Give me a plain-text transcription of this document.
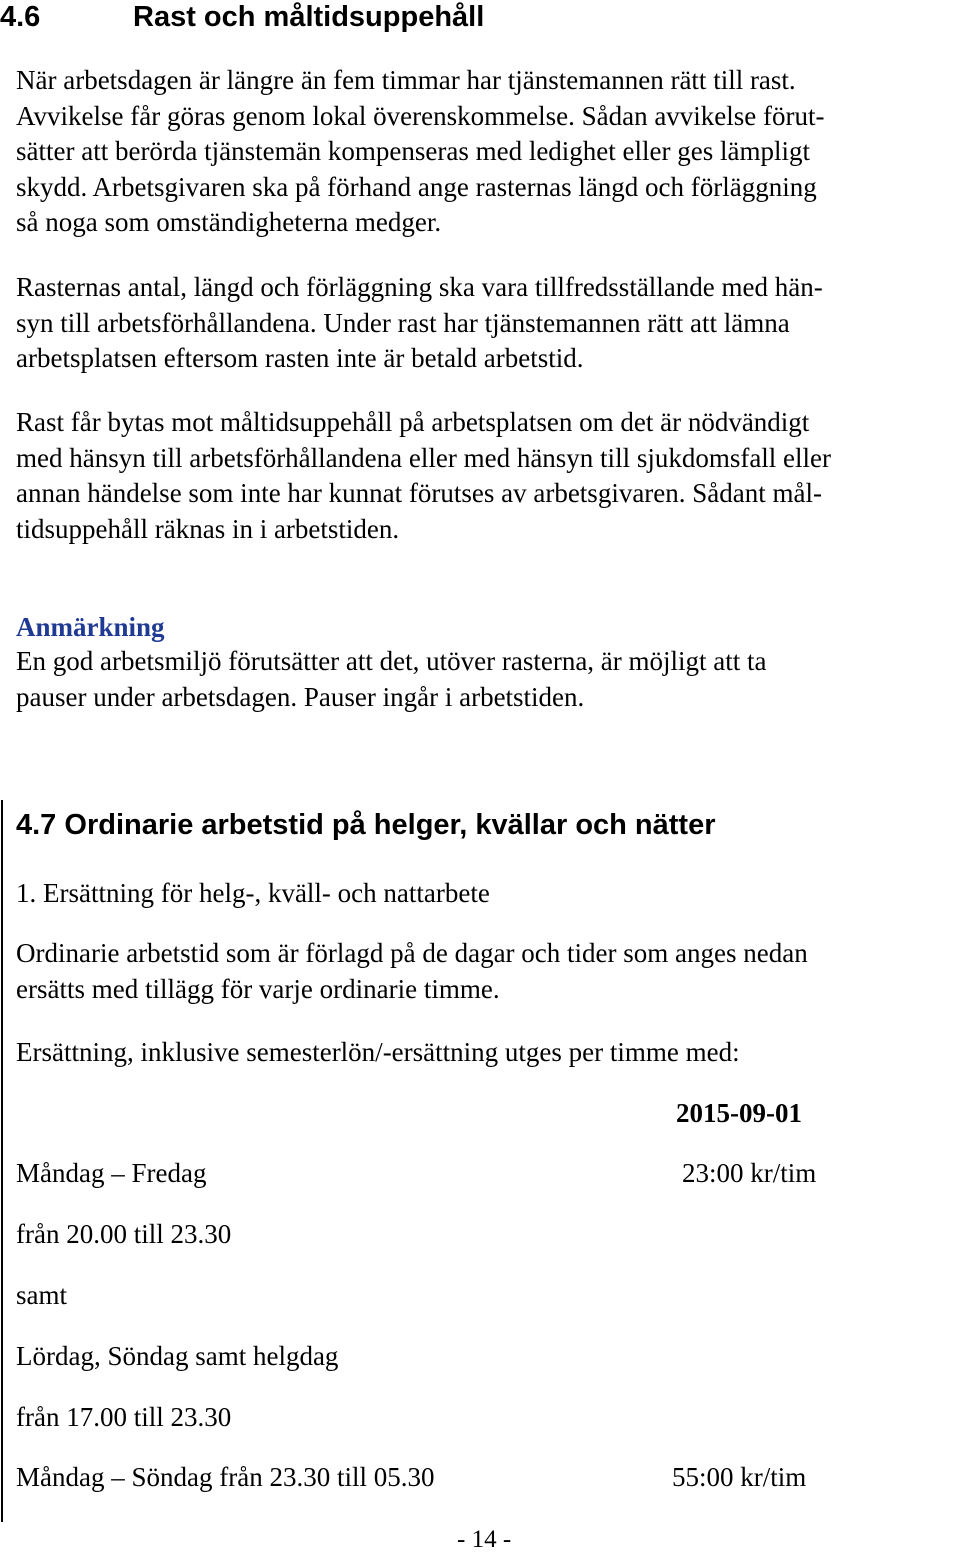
4.6	Rast och måltidsuppehåll
När arbetsdagen är längre än fem timmar har tjänstemannen rätt till rast.
Avvikelse får göras genom lokal överenskommelse. Sådan avvikelse förut-
sätter att berörda tjänstemän kompenseras med ledighet eller ges lämpligt
skydd. Arbetsgivaren ska på förhand ange rasternas längd och förläggning
så noga som omständigheterna medger.
Rasternas antal, längd och förläggning ska vara tillfredsställande med hän-
syn till arbetsförhållandena. Under rast har tjänstemannen rätt att lämna
arbetsplatsen eftersom rasten inte är betald arbetstid.
Rast får bytas mot måltidsuppehåll på arbetsplatsen om det är nödvändigt
med hänsyn till arbetsförhållandena eller med hänsyn till sjukdomsfall eller
annan händelse som inte har kunnat förutses av arbetsgivaren. Sådant mål-
tidsuppehåll räknas in i arbetstiden.
Anmärkning
En god arbetsmiljö förutsätter att det, utöver rasterna, är möjligt att ta
pauser under arbetsdagen. Pauser ingår i arbetstiden.
4.7 Ordinarie arbetstid på helger, kvällar och nätter
1. Ersättning för helg-, kväll- och nattarbete
Ordinarie arbetstid som är förlagd på de dagar och tider som anges nedan
ersätts med tillägg för varje ordinarie timme.
Ersättning, inklusive semesterlön/-ersättning utges per timme med:
2015-09-01
Måndag – Fredag	23:00 kr/tim
från 20.00 till 23.30
samt
Lördag, Söndag samt helgdag
från 17.00 till 23.30
Måndag – Söndag från 23.30 till 05.30	55:00 kr/tim
- 14 -
